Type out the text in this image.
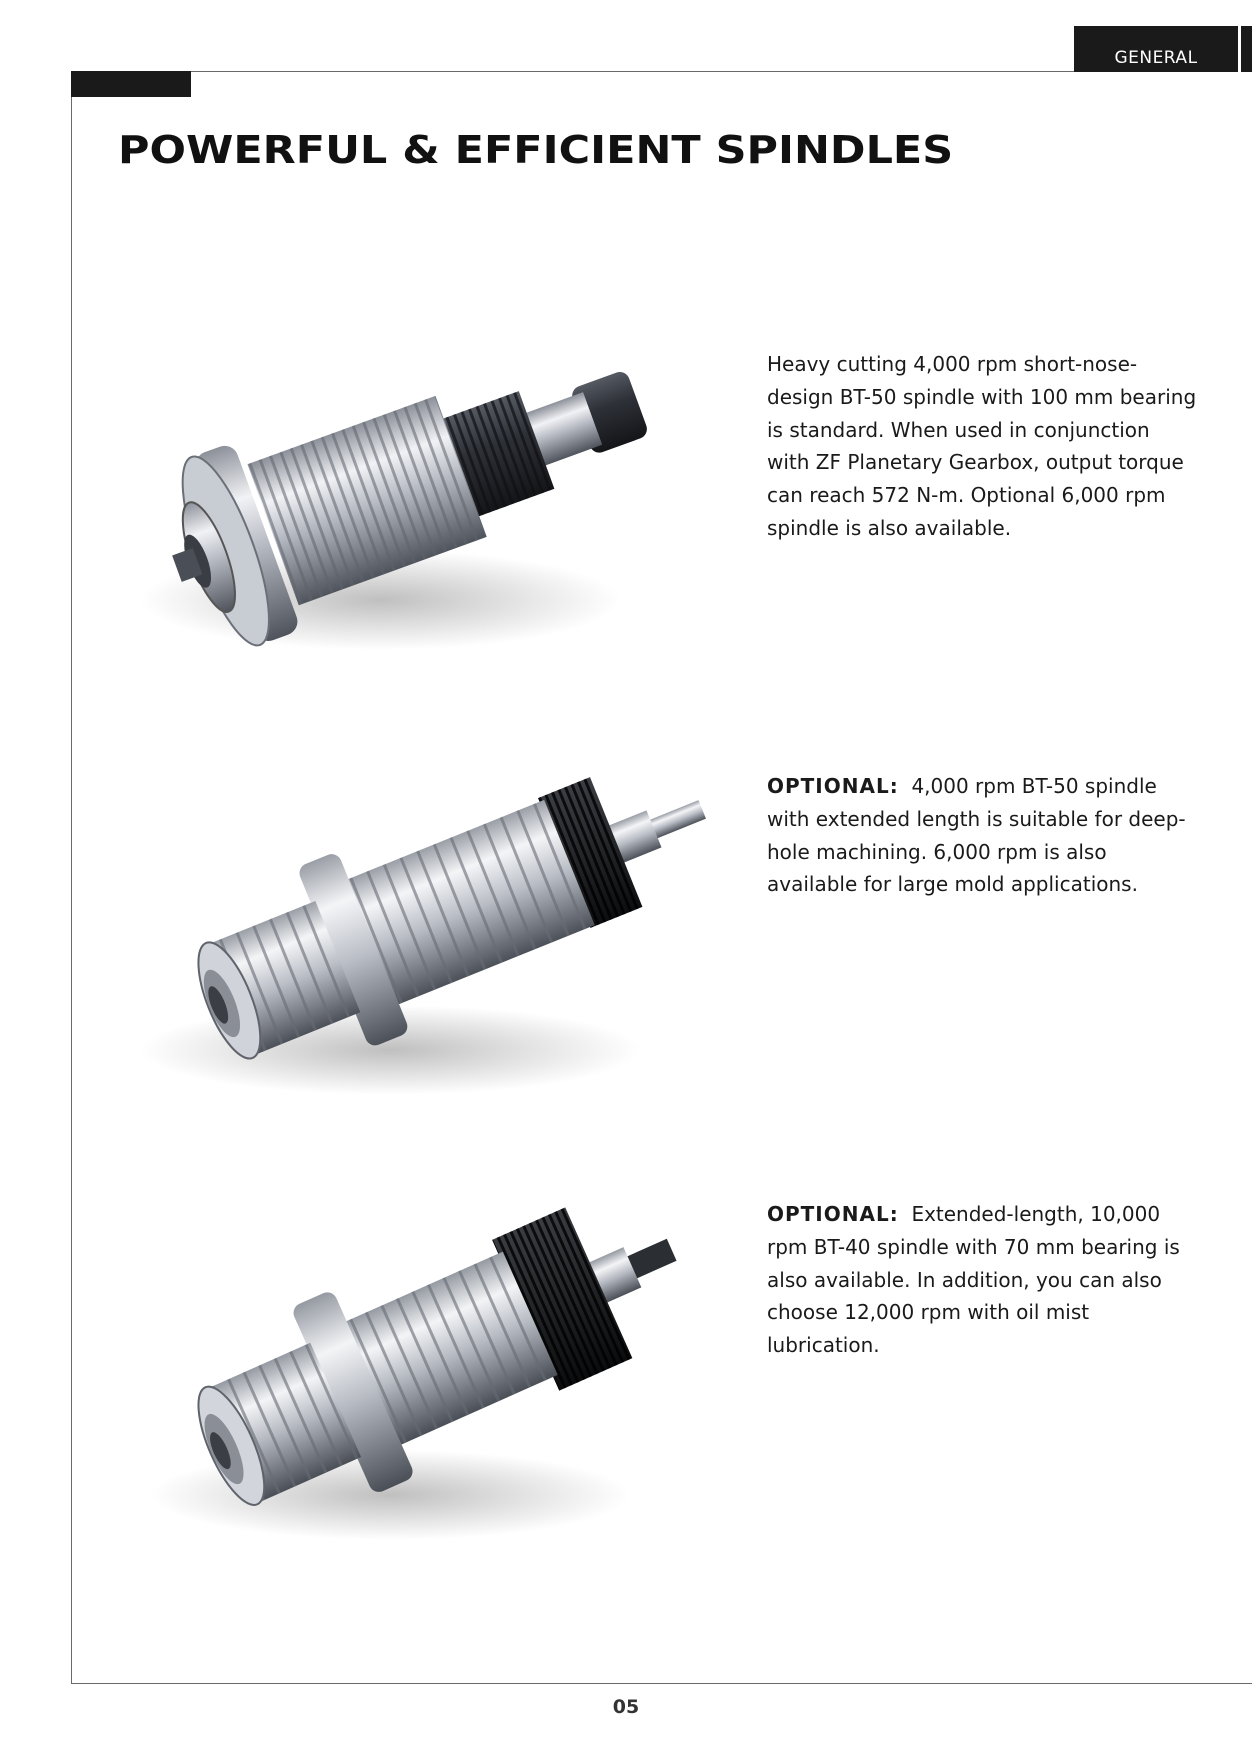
GENERAL
POWERFUL & EFFICIENT SPINDLES

Heavy cutting 4,000 rpm short-nose-design BT-50 spindle with 100 mm bearing is standard. When used in conjunction with ZF Planetary Gearbox, output torque can reach 572 N-m. Optional 6,000 rpm spindle is also available.

OPTIONAL: 4,000 rpm BT-50 spindle with extended length is suitable for deep-hole machining. 6,000 rpm is also available for large mold applications.

OPTIONAL: Extended-length, 10,000 rpm BT-40 spindle with 70 mm bearing is also available. In addition, you can also choose 12,000 rpm with oil mist lubrication.

05
